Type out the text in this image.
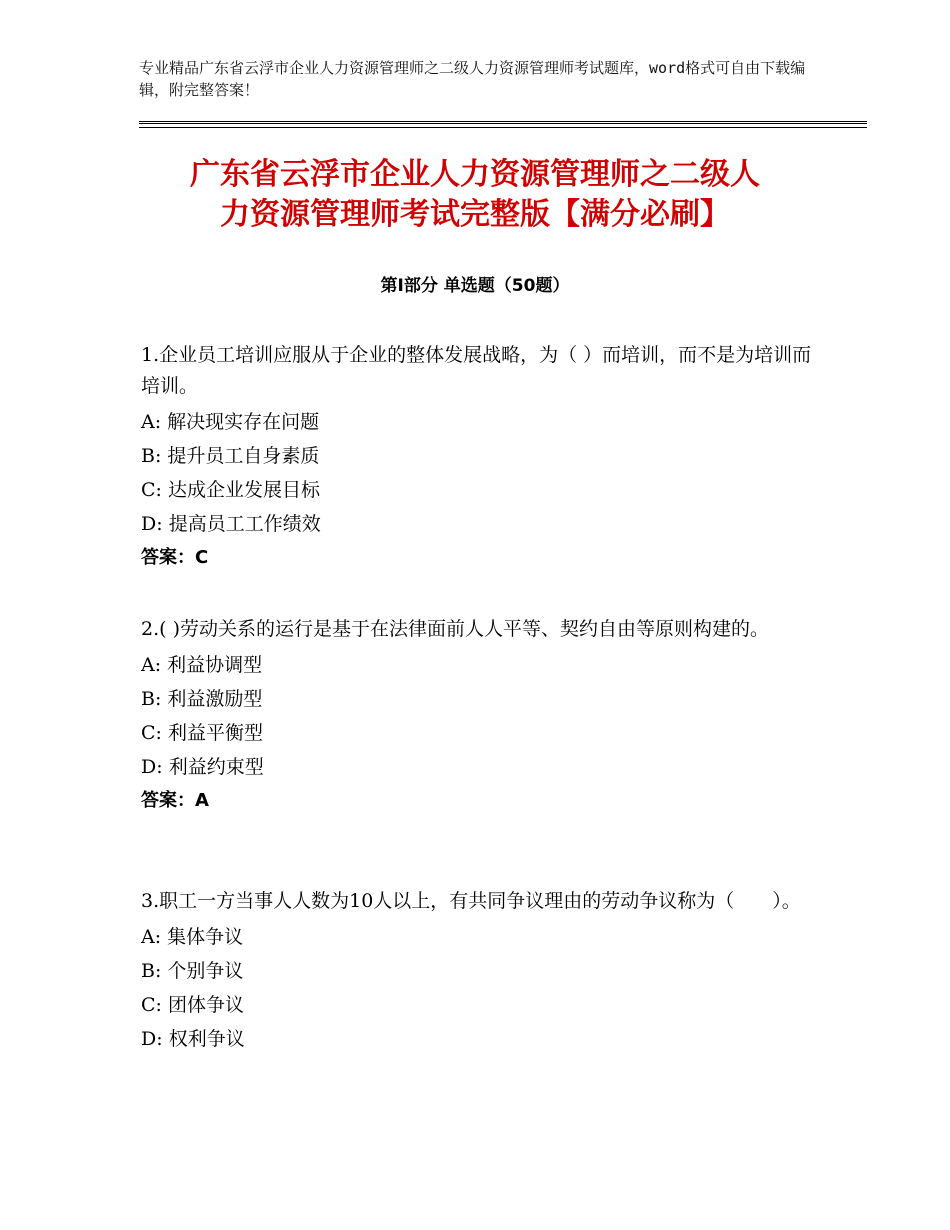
专业精品广东省云浮市企业人力资源管理师之二级人力资源管理师考试题库，word格式可自由下载编辑，附完整答案！
广东省云浮市企业人力资源管理师之二级人
力资源管理师考试完整版【满分必刷】
第Ⅰ部分 单选题（50题）

1.企业员工培训应服从于企业的整体发展战略，为（ ）而培训，而不是为培训而培训。

A: 解决现实存在问题

B: 提升员工自身素质

C: 达成企业发展目标

D: 提高员工工作绩效

答案：C

2.( )劳动关系的运行是基于在法律面前人人平等、契约自由等原则构建的。

A: 利益协调型

B: 利益激励型

C: 利益平衡型

D: 利益约束型

答案：A

3.职工一方当事人人数为10人以上，有共同争议理由的劳动争议称为（　　）。

A: 集体争议

B: 个别争议

C: 团体争议

D: 权利争议
